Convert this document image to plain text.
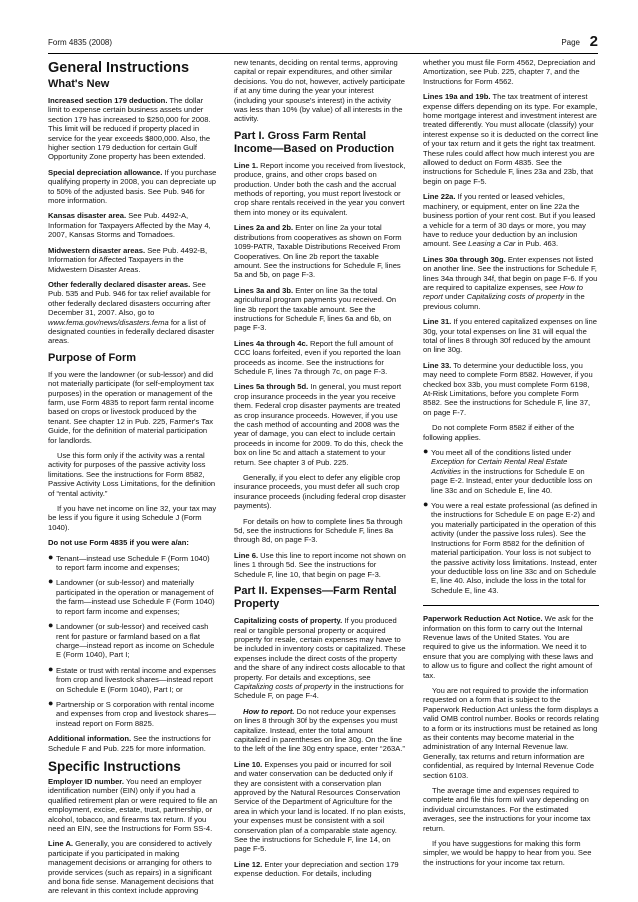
Form 4835 (2008)	Page 2
General Instructions
What's New

Increased section 179 deduction. The dollar limit to expense certain business assets under section 179 has increased to $250,000 for 2008. This limit will be reduced if property placed in service for the year exceeds $800,000. Also, the higher section 179 deduction for certain Gulf Opportunity Zone property has been extended.

Special depreciation allowance. If you purchase qualifying property in 2008, you can depreciate up to 50% of the adjusted basis. See Pub. 946 for more information.

Kansas disaster area. See Pub. 4492-A, Information for Taxpayers Affected by the May 4, 2007, Kansas Storms and Tornadoes.

Midwestern disaster areas. See Pub. 4492-B, Information for Affected Taxpayers in the Midwestern Disaster Areas.

Other federally declared disaster areas. See Pub. 535 and Pub. 946 for tax relief available for other federally declared disasters occurring after December 31, 2007. Also, go to www.fema.gov/news/disasters.fema for a list of designated counties in federally declared disaster areas.

Purpose of Form

If you were the landowner (or sub-lessor) and did not materially participate (for self-employment tax purposes) in the operation or management of the farm, use Form 4835 to report farm rental income based on crops or livestock produced by the tenant. See chapter 12 in Pub. 225, Farmer's Tax Guide, for the definition of material participation for landlords.

Use this form only if the activity was a rental activity for purposes of the passive activity loss limitations. See the instructions for Form 8582, Passive Activity Loss Limitations, for the definition of “rental activity.”

If you have net income on line 32, your tax may be less if you figure it using Schedule J (Form 1040).

Do not use Form 4835 if you were a/an:

● Tenant—instead use Schedule F (Form 1040) to report farm income and expenses;
● Landowner (or sub-lessor) and materially participated in the operation or management of the farm—instead use Schedule F (Form 1040) to report farm income and expenses;
● Landowner (or sub-lessor) and received cash rent for pasture or farmland based on a flat charge—instead report as income on Schedule E (Form 1040), Part I;
● Estate or trust with rental income and expenses from crop and livestock shares—instead report on Schedule E (Form 1040), Part I; or
● Partnership or S corporation with rental income and expenses from crop and livestock shares—instead report on Form 8825.

Additional information. See the instructions for Schedule F and Pub. 225 for more information.

Specific Instructions

Employer ID number. You need an employer identification number (EIN) only if you had a qualified retirement plan or were required to file an employment, excise, estate, trust, partnership, or alcohol, tobacco, and firearms tax return. If you need an EIN, see the Instructions for Form SS-4.

Line A. Generally, you are considered to actively participate if you participated in making management decisions or arranging for others to provide services (such as repairs) in a significant and bona fide sense. Management decisions that are relevant in this context include approving

new tenants, deciding on rental terms, approving capital or repair expenditures, and other similar decisions. You do not, however, actively participate if at any time during the year your interest (including your spouse's interest) in the activity was less than 10% (by value) of all interests in the activity.

Part I. Gross Farm Rental Income—Based on Production

Line 1. Report income you received from livestock, produce, grains, and other crops based on production. Under both the cash and the accrual methods of reporting, you must report livestock or crop share rentals received in the year you convert them into money or its equivalent.

Lines 2a and 2b. Enter on line 2a your total distributions from cooperatives as shown on Form 1099-PATR, Taxable Distributions Received From Cooperatives. On line 2b report the taxable amount. See the instructions for Schedule F, lines 5a and 5b, on page F-3.

Lines 3a and 3b. Enter on line 3a the total agricultural program payments you received. On line 3b report the taxable amount. See the instructions for Schedule F, lines 6a and 6b, on page F-3.

Lines 4a through 4c. Report the full amount of CCC loans forfeited, even if you reported the loan proceeds as income. See the instructions for Schedule F, lines 7a through 7c, on page F-3.

Lines 5a through 5d. In general, you must report crop insurance proceeds in the year you receive them. Federal crop disaster payments are treated as crop insurance proceeds. However, if you use the cash method of accounting and 2008 was the year of damage, you can elect to include certain proceeds in income for 2009. To do this, check the box on line 5c and attach a statement to your return. See chapter 3 of Pub. 225.

Generally, if you elect to defer any eligible crop insurance proceeds, you must defer all such crop insurance proceeds (including federal crop disaster payments).

For details on how to complete lines 5a through 5d, see the instructions for Schedule F, lines 8a through 8d, on page F-3.

Line 6. Use this line to report income not shown on lines 1 through 5d. See the instructions for Schedule F, line 10, that begin on page F-3.

Part II. Expenses—Farm Rental Property

Capitalizing costs of property. If you produced real or tangible personal property or acquired property for resale, certain expenses may have to be included in inventory costs or capitalized. These expenses include the direct costs of the property and the share of any indirect costs allocable to that property. For details and exceptions, see Capitalizing costs of property in the instructions for Schedule F, on page F-4.

How to report. Do not reduce your expenses on lines 8 through 30f by the expenses you must capitalize. Instead, enter the total amount capitalized in parentheses on line 30g. On the line to the left of the line 30g entry space, enter “263A.”

Line 10. Expenses you paid or incurred for soil and water conservation can be deducted only if they are consistent with a conservation plan approved by the Natural Resources Conservation Service of the Department of Agriculture for the area in which your land is located. If no plan exists, your expenses must be consistent with a soil conservation plan of a comparable state agency. See the instructions for Schedule F, line 14, on page F-5.

Line 12. Enter your depreciation and section 179 expense deduction. For details, including

whether you must file Form 4562, Depreciation and Amortization, see Pub. 225, chapter 7, and the Instructions for Form 4562.

Lines 19a and 19b. The tax treatment of interest expense differs depending on its type. For example, home mortgage interest and investment interest are treated differently. You must allocate (classify) your interest expense so it is deducted on the correct line of your tax return and it gets the right tax treatment. These rules could affect how much interest you are allowed to deduct on Form 4835. See the instructions for Schedule F, lines 23a and 23b, that begin on page F-5.

Line 22a. If you rented or leased vehicles, machinery, or equipment, enter on line 22a the business portion of your rent cost. But if you leased a vehicle for a term of 30 days or more, you may have to reduce your deduction by an inclusion amount. See Leasing a Car in Pub. 463.

Lines 30a through 30g. Enter expenses not listed on another line. See the instructions for Schedule F, lines 34a through 34f, that begin on page F-6. If you are required to capitalize expenses, see How to report under Capitalizing costs of property in the previous column.

Line 31. If you entered capitalized expenses on line 30g, your total expenses on line 31 will equal the total of lines 8 through 30f reduced by the amount on line 30g.

Line 33. To determine your deductible loss, you may need to complete Form 8582. However, if you checked box 33b, you must complete Form 6198, At-Risk Limitations, before you complete Form 8582. See the instructions for Schedule F, line 37, on page F-7.

Do not complete Form 8582 if either of the following applies.

● You meet all of the conditions listed under Exception for Certain Rental Real Estate Activities in the instructions for Schedule E on page E-2. Instead, enter your deductible loss on line 33c and on Schedule E, line 40.
● You were a real estate professional (as defined in the instructions for Schedule E on page E-2) and you materially participated in the operation of this activity (under the passive loss rules). See the Instructions for Form 8582 for the definition of material participation. Your loss is not subject to the passive activity loss limitations. Instead, enter your deductible loss on line 33c and on Schedule E, line 40. Also, include the loss in the total for Schedule E, line 43.

Paperwork Reduction Act Notice. We ask for the information on this form to carry out the Internal Revenue laws of the United States. You are required to give us the information. We need it to ensure that you are complying with these laws and to allow us to figure and collect the right amount of tax.

You are not required to provide the information requested on a form that is subject to the Paperwork Reduction Act unless the form displays a valid OMB control number. Books or records relating to a form or its instructions must be retained as long as their contents may become material in the administration of any Internal Revenue law. Generally, tax returns and return information are confidential, as required by Internal Revenue Code section 6103.

The average time and expenses required to complete and file this form will vary depending on individual circumstances. For the estimated averages, see the instructions for your income tax return.

If you have suggestions for making this form simpler, we would be happy to hear from you. See the instructions for your income tax return.
